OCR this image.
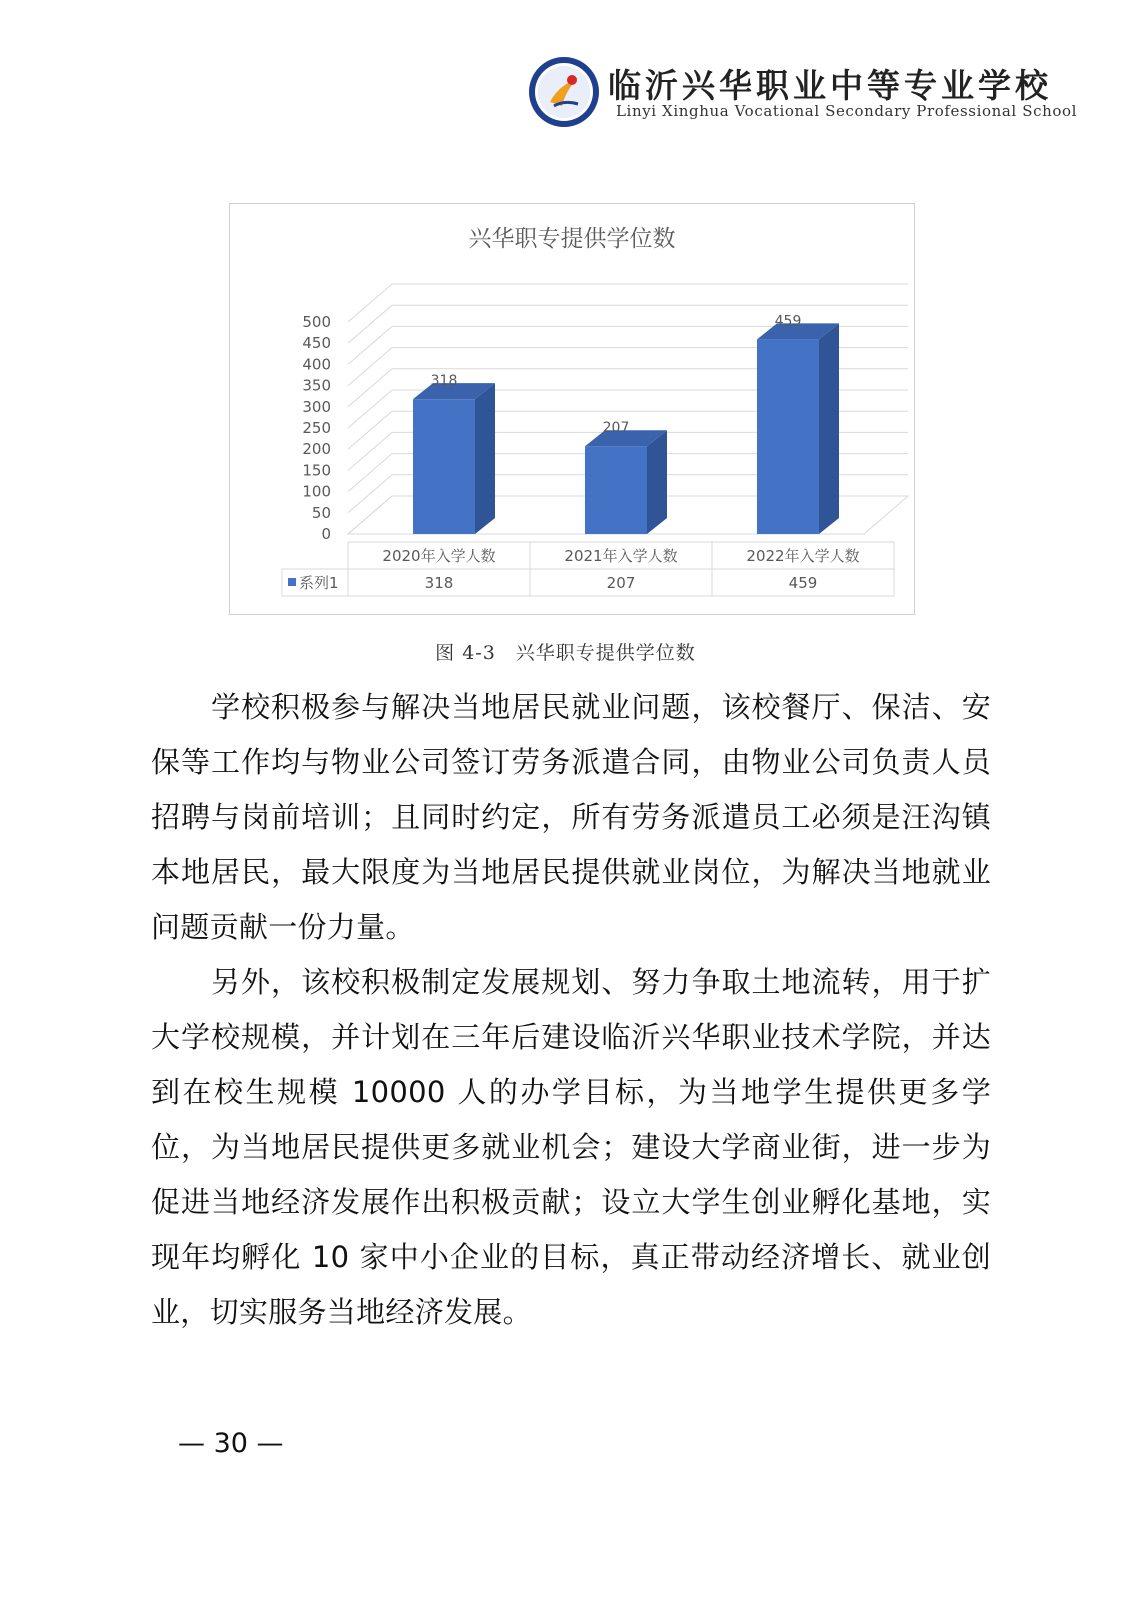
临沂兴华职业中等专业学校
Linyi Xinghua Vocational Secondary Professional School
兴华职专提供学位数
0
50
100
150
200
250
300
350
400
450
500
318
207
459
2020年入学人数	2021年入学人数	2022年入学人数
系列1	318	207	459
图 4-3　兴华职专提供学位数

学校积极参与解决当地居民就业问题，该校餐厅、保洁、安保等工作均与物业公司签订劳务派遣合同，由物业公司负责人员招聘与岗前培训；且同时约定，所有劳务派遣员工必须是汪沟镇本地居民，最大限度为当地居民提供就业岗位，为解决当地就业问题贡献一份力量。

另外，该校积极制定发展规划、努力争取土地流转，用于扩大学校规模，并计划在三年后建设临沂兴华职业技术学院，并达到在校生规模 10000 人的办学目标，为当地学生提供更多学位，为当地居民提供更多就业机会；建设大学商业街，进一步为促进当地经济发展作出积极贡献；设立大学生创业孵化基地，实现年均孵化 10 家中小企业的目标，真正带动经济增长、就业创业，切实服务当地经济发展。

— 30 —
